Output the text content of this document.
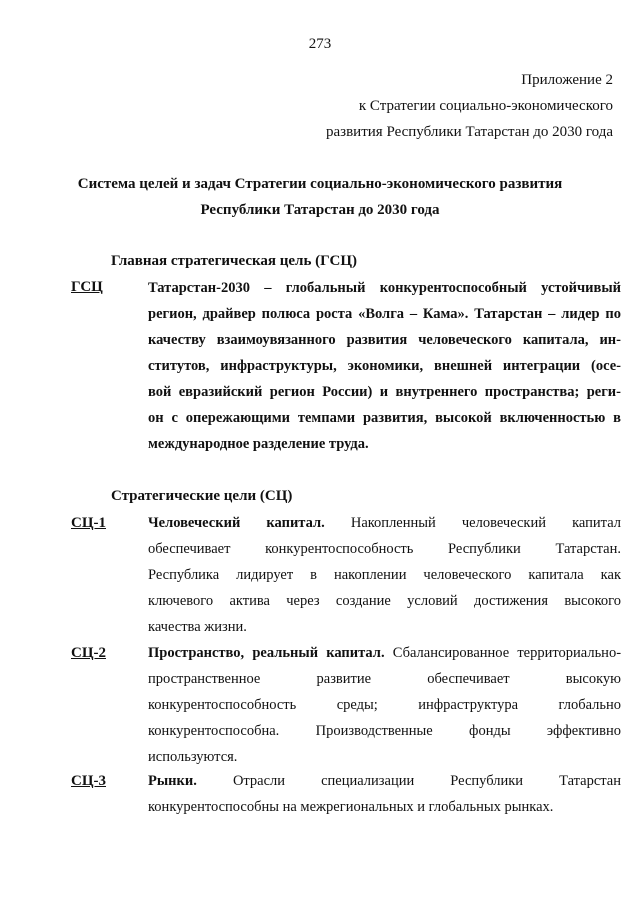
273
Приложение 2
к Стратегии социально-экономического
развития Республики Татарстан до 2030 года
Система целей и задач Стратегии социально-экономического развития
Республики Татарстан до 2030 года
Главная стратегическая цель (ГСЦ)
ГСЦ	Татарстан-2030 – глобальный конкурентоспособный устойчивый
регион, драйвер полюса роста «Волга – Кама». Татарстан – лидер по
качеству взаимоувязанного развития человеческого капитала, ин-
ститутов, инфраструктуры, экономики, внешней интеграции (осе-
вой евразийский регион России) и внутреннего пространства; реги-
он с опережающими темпами развития, высокой включенностью в
международное разделение труда.
Стратегические цели (СЦ)
СЦ-1	Человеческий капитал. Накопленный человеческий капитал
обеспечивает конкурентоспособность Республики Татарстан.
Республика лидирует в накоплении человеческого капитала как
ключевого актива через создание условий достижения высокого
качества жизни.
СЦ-2	Пространство, реальный капитал. Сбалансированное территориально-
пространственное развитие обеспечивает высокую
конкурентоспособность среды; инфраструктура глобально
конкурентоспособна. Производственные фонды эффективно
используются.
СЦ-3	Рынки. Отрасли специализации Республики Татарстан
конкурентоспособны на межрегиональных и глобальных рынках.
